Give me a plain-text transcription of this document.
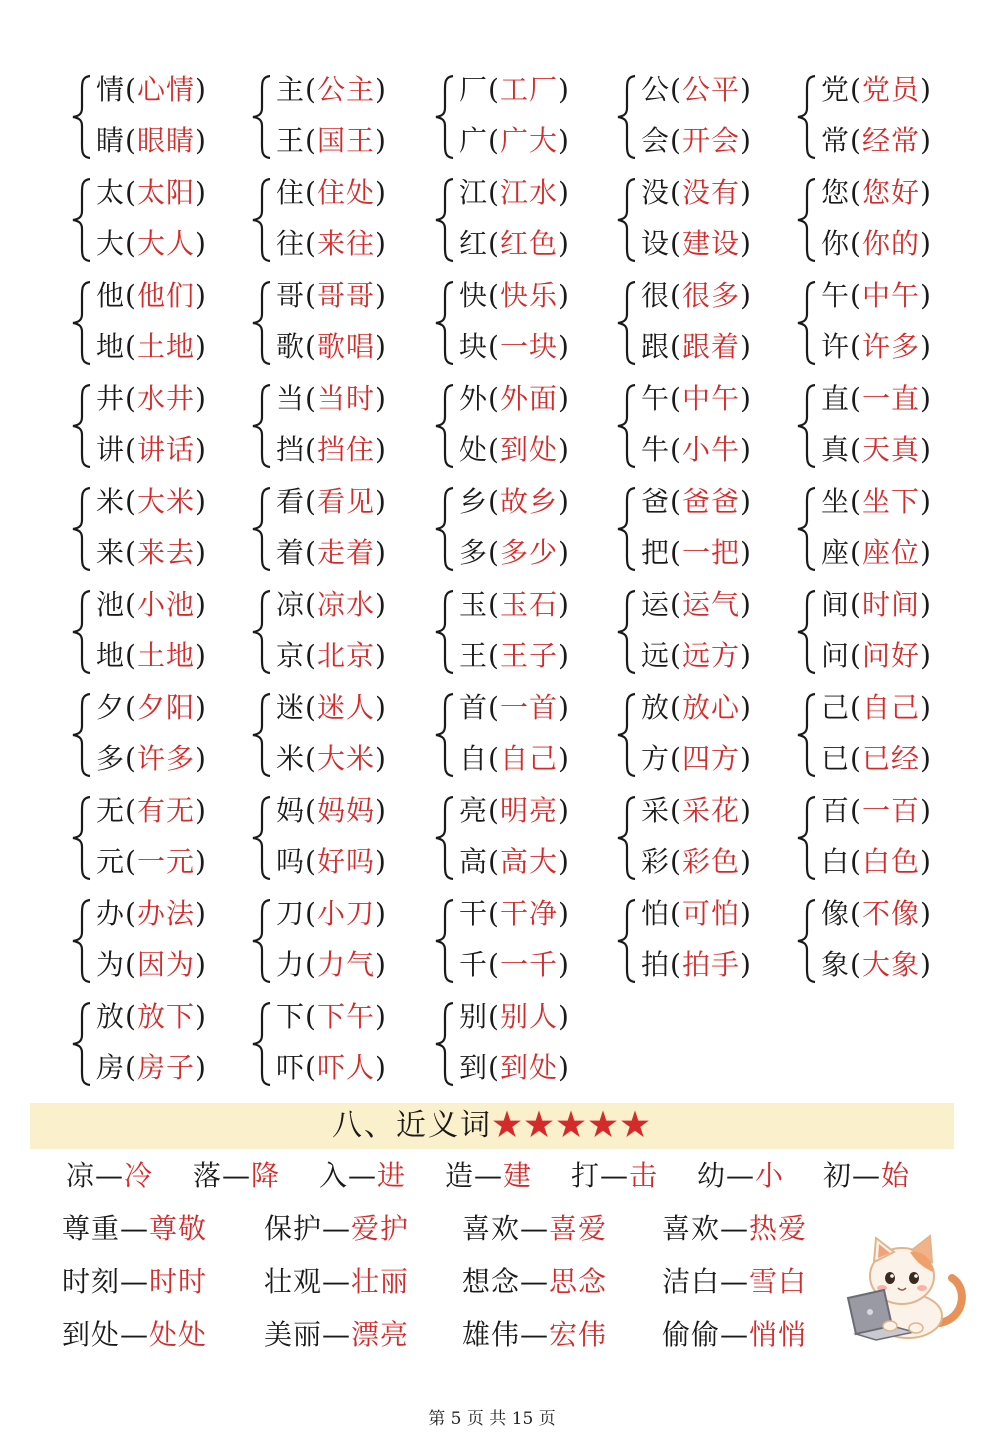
情(心情)
睛(眼睛)
主(公主)
王(国王)
厂(工厂)
广(广大)
公(公平)
会(开会)
党(党员)
常(经常)
太(太阳)
大(大人)
住(住处)
往(来往)
江(江水)
红(红色)
没(没有)
设(建设)
您(您好)
你(你的)
他(他们)
地(土地)
哥(哥哥)
歌(歌唱)
快(快乐)
块(一块)
很(很多)
跟(跟着)
午(中午)
许(许多)
井(水井)
讲(讲话)
当(当时)
挡(挡住)
外(外面)
处(到处)
午(中午)
牛(小牛)
直(一直)
真(天真)
米(大米)
来(来去)
看(看见)
着(走着)
乡(故乡)
多(多少)
爸(爸爸)
把(一把)
坐(坐下)
座(座位)
池(小池)
地(土地)
凉(凉水)
京(北京)
玉(玉石)
王(王子)
运(运气)
远(远方)
间(时间)
问(问好)
夕(夕阳)
多(许多)
迷(迷人)
米(大米)
首(一首)
自(自己)
放(放心)
方(四方)
己(自己)
已(已经)
无(有无)
元(一元)
妈(妈妈)
吗(好吗)
亮(明亮)
高(高大)
采(采花)
彩(彩色)
百(一百)
白(白色)
办(办法)
为(因为)
刀(小刀)
力(力气)
干(干净)
千(一千)
怕(可怕)
拍(拍手)
像(不像)
象(大象)
放(放下)
房(房子)
下(下午)
吓(吓人)
别(别人)
到(到处)
八、近义词★★★★★
凉—冷 落—降 入—进 造—建 打—击 幼—小 初—始
尊重—尊敬 保护—爱护 喜欢—喜爱 喜欢—热爱
时刻—时时 壮观—壮丽 想念—思念 洁白—雪白
到处—处处 美丽—漂亮 雄伟—宏伟 偷偷—悄悄
第 5 页 共 15 页
